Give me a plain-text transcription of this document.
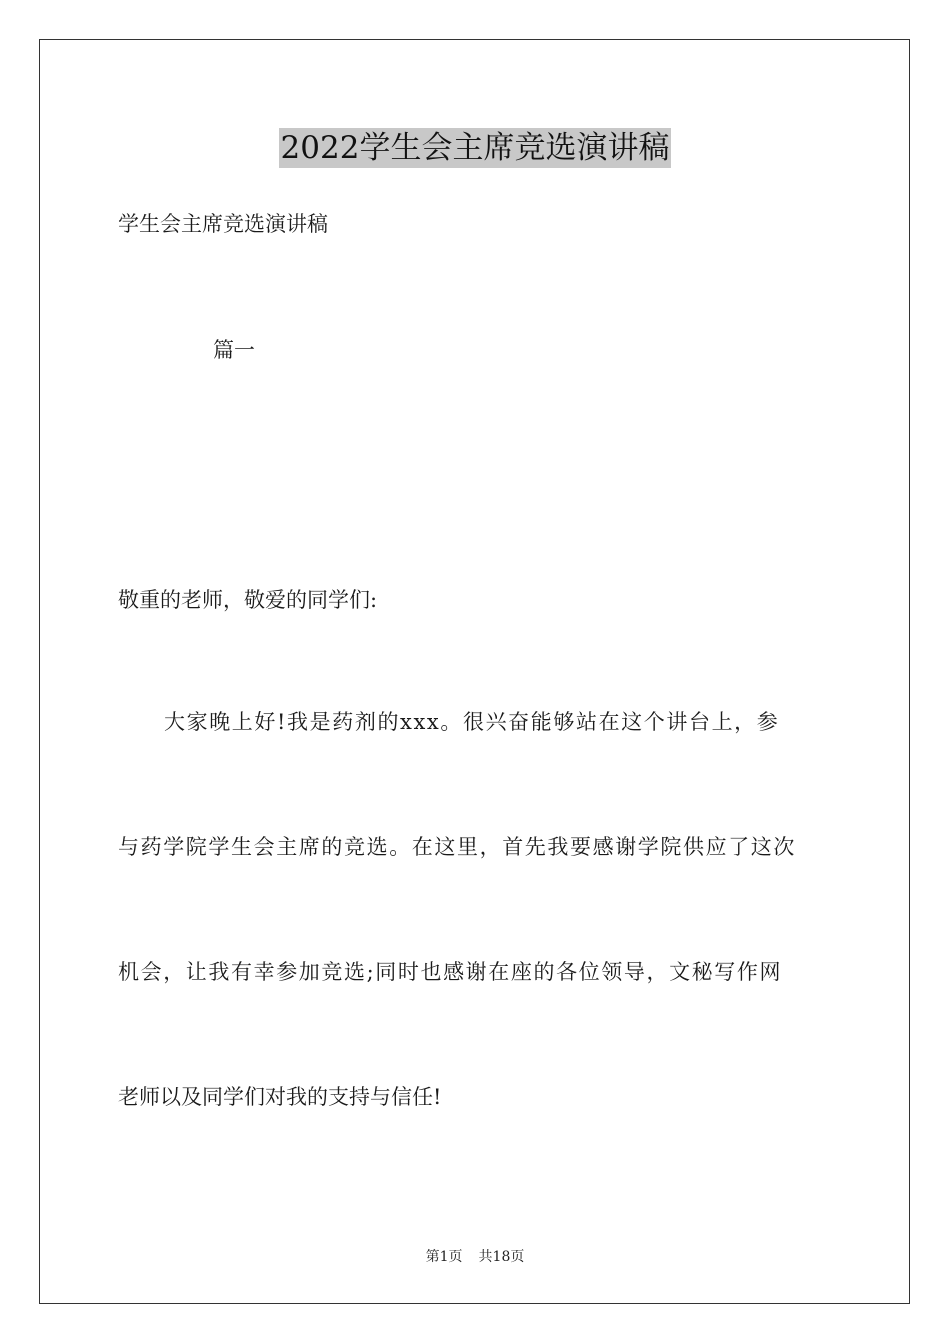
2022学生会主席竞选演讲稿

学生会主席竞选演讲稿

篇一

敬重的老师，敬爱的同学们:

大家晚上好!我是药剂的xxx。很兴奋能够站在这个讲台上，参

与药学院学生会主席的竞选。在这里，首先我要感谢学院供应了这次

机会，让我有幸参加竞选;同时也感谢在座的各位领导，文秘写作网

老师以及同学们对我的支持与信任!

第1页 共18页
